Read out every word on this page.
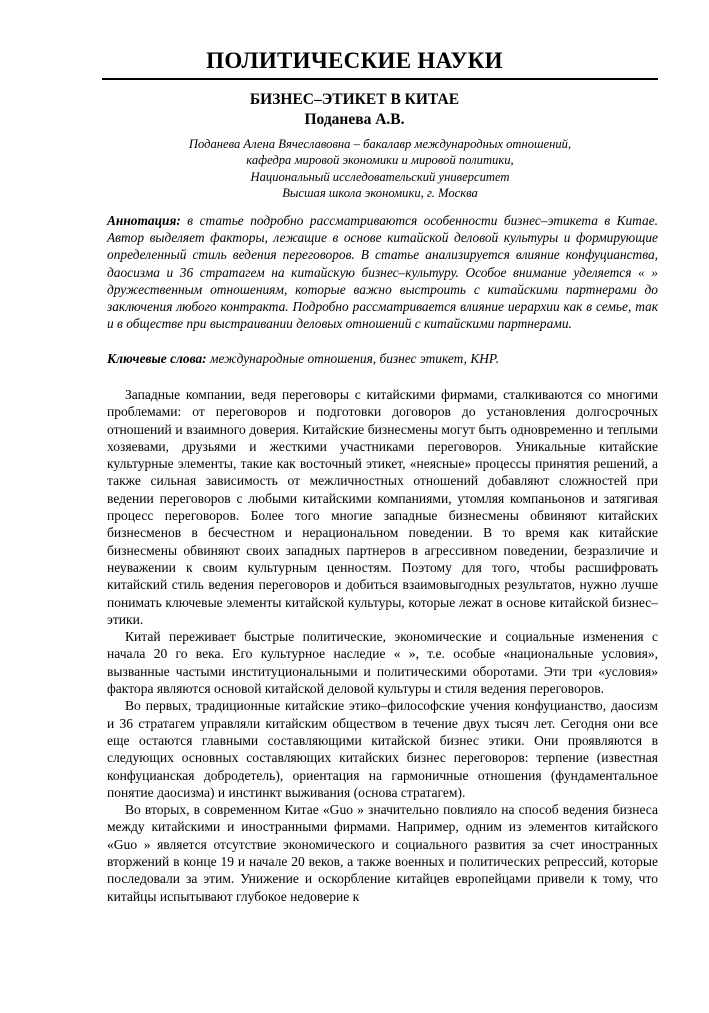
ПОЛИТИЧЕСКИЕ НАУКИ
БИЗНЕС–ЭТИКЕТ В КИТАЕ
Поданева А.В.
Поданева Алена Вячеславовна – бакалавр международных отношений,
кафедра мировой экономики и мировой политики,
Национальный исследовательский университет
Высшая школа экономики, г. Москва
Аннотация: в статье подробно рассматриваются особенности бизнес–этикета в Китае. Автор выделяет факторы, лежащие в основе китайской деловой культуры и формирующие определенный стиль ведения переговоров. В статье анализируется влияние конфуцианства, даосизма и 36 стратагем на китайскую бизнес–культуру. Особое внимание уделяется « » дружественным отношениям, которые важно выстроить с китайскими партнерами до заключения любого контракта. Подробно рассматривается влияние иерархии как в семье, так и в обществе при выстраивании деловых отношений с китайскими партнерами.
Ключевые слова: международные отношения, бизнес этикет, КНР.

Западные компании, ведя переговоры с китайскими фирмами, сталкиваются со многими проблемами: от переговоров и подготовки договоров до установления долгосрочных отношений и взаимного доверия. Китайские бизнесмены могут быть одновременно и теплыми хозяевами, друзьями и жесткими участниками переговоров. Уникальные китайские культурные элементы, такие как восточный этикет, «неясные» процессы принятия решений, а также сильная зависимость от межличностных отношений добавляют сложностей при ведении переговоров с любыми китайскими компаниями, утомляя компаньонов и затягивая процесс переговоров. Более того многие западные бизнесмены обвиняют китайских бизнесменов в бесчестном и нерациональном поведении. В то время как китайские бизнесмены обвиняют своих западных партнеров в агрессивном поведении, безразличие и неуважении к своим культурным ценностям. Поэтому для того, чтобы расшифровать китайский стиль ведения переговоров и добиться взаимовыгодных результатов, нужно лучше понимать ключевые элементы китайской культуры, которые лежат в основе китайской бизнес–этики.

Китай переживает быстрые политические, экономические и социальные изменения с начала 20 го века. Его культурное наследие « », т.е. особые «национальные условия», вызванные частыми институциональными и политическими оборотами. Эти три «условия» фактора являются основой китайской деловой культуры и стиля ведения переговоров.

Во первых, традиционные китайские этико–философские учения конфуцианство, даосизм и 36 стратагем управляли китайским обществом в течение двух тысяч лет. Сегодня они все еще остаются главными составляющими китайской бизнес этики. Они проявляются в следующих основных составляющих китайских бизнес переговоров: терпение (известная конфуцианская добродетель), ориентация на гармоничные отношения (фундаментальное понятие даосизма) и инстинкт выживания (основа стратагем).

Во вторых, в современном Китае «Guo » значительно повлияло на способ ведения бизнеса между китайскими и иностранными фирмами. Например, одним из элементов китайского «Guo » является отсутствие экономического и социального развития за счет иностранных вторжений в конце 19 и начале 20 веков, а также военных и политических репрессий, которые последовали за этим. Унижение и оскорбление китайцев европейцами привели к тому, что китайцы испытывают глубокое недоверие к
